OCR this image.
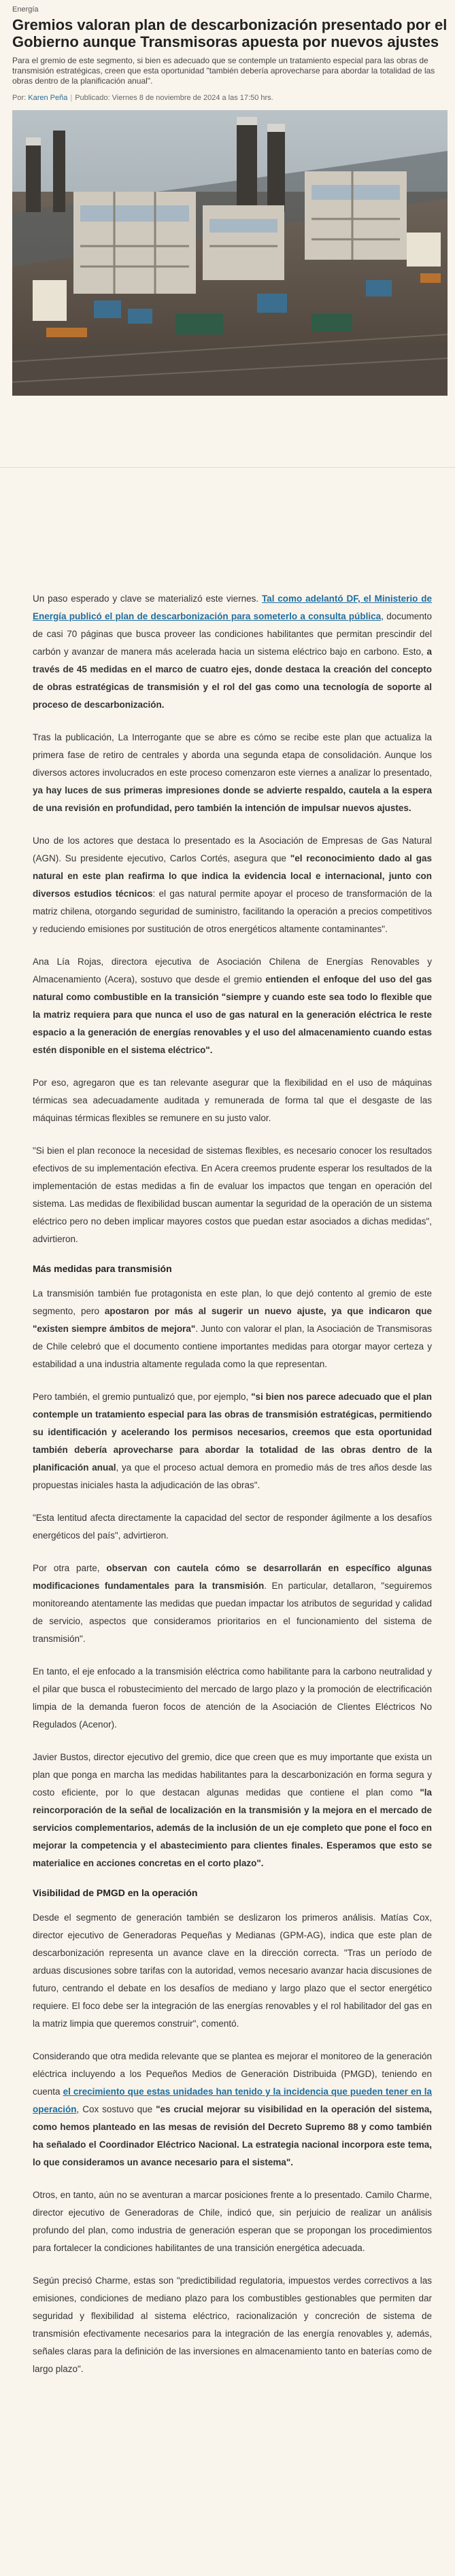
Energía
Gremios valoran plan de descarbonización presentado por el Gobierno aunque Transmisoras apuesta por nuevos ajustes

Para el gremio de este segmento, si bien es adecuado que se contemple un tratamiento especial para las obras de transmisión estratégicas, creen que esta oportunidad "también debería aprovecharse para abordar la totalidad de las obras dentro de la planificación anual".

Por: Karen Peña | Publicado: Viernes 8 de noviembre de 2024 a las 17:50 hrs.

Un paso esperado y clave se materializó este viernes. Tal como adelantó DF, el Ministerio de Energía publicó el plan de descarbonización para someterlo a consulta pública, documento de casi 70 páginas que busca proveer las condiciones habilitantes que permitan prescindir del carbón y avanzar de manera más acelerada hacia un sistema eléctrico bajo en carbono. Esto, a través de 45 medidas en el marco de cuatro ejes, donde destaca la creación del concepto de obras estratégicas de transmisión y el rol del gas como una tecnología de soporte al proceso de descarbonización.

Tras la publicación, La Interrogante que se abre es cómo se recibe este plan que actualiza la primera fase de retiro de centrales y aborda una segunda etapa de consolidación. Aunque los diversos actores involucrados en este proceso comenzaron este viernes a analizar lo presentado, ya hay luces de sus primeras impresiones donde se advierte respaldo, cautela a la espera de una revisión en profundidad, pero también la intención de impulsar nuevos ajustes.

Uno de los actores que destaca lo presentado es la Asociación de Empresas de Gas Natural (AGN). Su presidente ejecutivo, Carlos Cortés, asegura que "el reconocimiento dado al gas natural en este plan reafirma lo que indica la evidencia local e internacional, junto con diversos estudios técnicos: el gas natural permite apoyar el proceso de transformación de la matriz chilena, otorgando seguridad de suministro, facilitando la operación a precios competitivos y reduciendo emisiones por sustitución de otros energéticos altamente contaminantes".

Ana Lía Rojas, directora ejecutiva de Asociación Chilena de Energías Renovables y Almacenamiento (Acera), sostuvo que desde el gremio entienden el enfoque del uso del gas natural como combustible en la transición "siempre y cuando este sea todo lo flexible que la matriz requiera para que nunca el uso de gas natural en la generación eléctrica le reste espacio a la generación de energías renovables y el uso del almacenamiento cuando estas estén disponible en el sistema eléctrico".

Por eso, agregaron que es tan relevante asegurar que la flexibilidad en el uso de máquinas térmicas sea adecuadamente auditada y remunerada de forma tal que el desgaste de las máquinas térmicas flexibles se remunere en su justo valor.

"Si bien el plan reconoce la necesidad de sistemas flexibles, es necesario conocer los resultados efectivos de su implementación efectiva. En Acera creemos prudente esperar los resultados de la implementación de estas medidas a fin de evaluar los impactos que tengan en operación del sistema. Las medidas de flexibilidad buscan aumentar la seguridad de la operación de un sistema eléctrico pero no deben implicar mayores costos que puedan estar asociados a dichas medidas", advirtieron.

Más medidas para transmisión

La transmisión también fue protagonista en este plan, lo que dejó contento al gremio de este segmento, pero apostaron por más al sugerir un nuevo ajuste, ya que indicaron que "existen siempre ámbitos de mejora". Junto con valorar el plan, la Asociación de Transmisoras de Chile celebró que el documento contiene importantes medidas para otorgar mayor certeza y estabilidad a una industria altamente regulada como la que representan.

Pero también, el gremio puntualizó que, por ejemplo, "si bien nos parece adecuado que el plan contemple un tratamiento especial para las obras de transmisión estratégicas, permitiendo su identificación y acelerando los permisos necesarios, creemos que esta oportunidad también debería aprovecharse para abordar la totalidad de las obras dentro de la planificación anual, ya que el proceso actual demora en promedio más de tres años desde las propuestas iniciales hasta la adjudicación de las obras".

"Esta lentitud afecta directamente la capacidad del sector de responder ágilmente a los desafíos energéticos del país", advirtieron.

Por otra parte, observan con cautela cómo se desarrollarán en específico algunas modificaciones fundamentales para la transmisión. En particular, detallaron, "seguiremos monitoreando atentamente las medidas que puedan impactar los atributos de seguridad y calidad de servicio, aspectos que consideramos prioritarios en el funcionamiento del sistema de transmisión".

En tanto, el eje enfocado a la transmisión eléctrica como habilitante para la carbono neutralidad y el pilar que busca el robustecimiento del mercado de largo plazo y la promoción de electrificación limpia de la demanda fueron focos de atención de la Asociación de Clientes Eléctricos No Regulados (Acenor).

Javier Bustos, director ejecutivo del gremio, dice que creen que es muy importante que exista un plan que ponga en marcha las medidas habilitantes para la descarbonización en forma segura y costo eficiente, por lo que destacan algunas medidas que contiene el plan como "la reincorporación de la señal de localización en la transmisión y la mejora en el mercado de servicios complementarios, además de la inclusión de un eje completo que pone el foco en mejorar la competencia y el abastecimiento para clientes finales. Esperamos que esto se materialice en acciones concretas en el corto plazo".

Visibilidad de PMGD en la operación

Desde el segmento de generación también se deslizaron los primeros análisis. Matías Cox, director ejecutivo de Generadoras Pequeñas y Medianas (GPM-AG), indica que este plan de descarbonización representa un avance clave en la dirección correcta. "Tras un período de arduas discusiones sobre tarifas con la autoridad, vemos necesario avanzar hacia discusiones de futuro, centrando el debate en los desafíos de mediano y largo plazo que el sector energético requiere. El foco debe ser la integración de las energías renovables y el rol habilitador del gas en la matriz limpia que queremos construir", comentó.

Considerando que otra medida relevante que se plantea es mejorar el monitoreo de la generación eléctrica incluyendo a los Pequeños Medios de Generación Distribuida (PMGD), teniendo en cuenta el crecimiento que estas unidades han tenido y la incidencia que pueden tener en la operación, Cox sostuvo que "es crucial mejorar su visibilidad en la operación del sistema, como hemos planteado en las mesas de revisión del Decreto Supremo 88 y como también ha señalado el Coordinador Eléctrico Nacional. La estrategia nacional incorpora este tema, lo que consideramos un avance necesario para el sistema".

Otros, en tanto, aún no se aventuran a marcar posiciones frente a lo presentado. Camilo Charme, director ejecutivo de Generadoras de Chile, indicó que, sin perjuicio de realizar un análisis profundo del plan, como industria de generación esperan que se propongan los procedimientos para fortalecer la condiciones habilitantes de una transición energética adecuada.

Según precisó Charme, estas son "predictibilidad regulatoria, impuestos verdes correctivos a las emisiones, condiciones de mediano plazo para los combustibles gestionables que permiten dar seguridad y flexibilidad al sistema eléctrico, racionalización y concreción de sistema de transmisión efectivamente necesarios para la integración de las energía renovables y, además, señales claras para la definición de las inversiones en almacenamiento tanto en baterías como de largo plazo".
